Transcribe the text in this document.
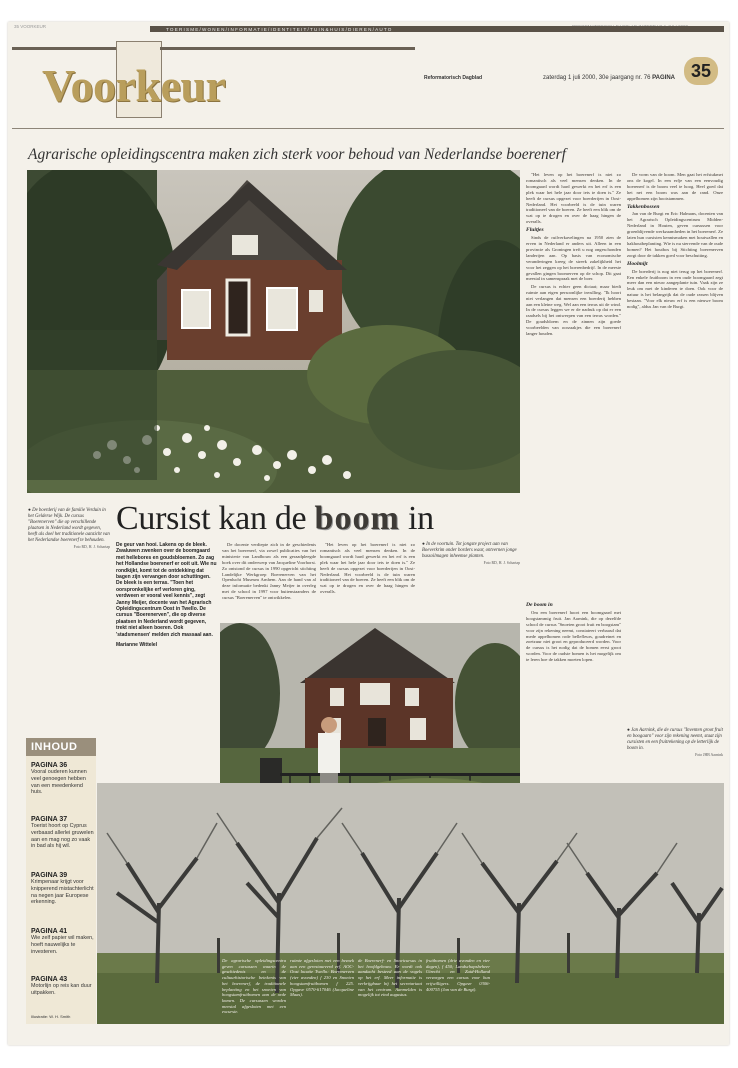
35 VOORKEUR	TOERISME/WONEN/INFORMATIE/IDENTITEIT/TUIN&HUIS/DIEREN/AUTO
Voorkeur	Reformatorisch Dagblad	zaterdag 1 juli 2000, 30e jaargang nr. 76 PAGINA 35
Agrarische opleidingscentra maken zich sterk voor behoud van Nederlandse boerenerf
● De boerderij van de familie Verduin in het Gelderse Wijk. De cursus "Boerenerven" die op verschillende plaatsen in Nederland wordt gegeven, heeft als doel het traditionele aanzicht van het Nederlandse boerenerf te behouden.
Foto RD, H. J. Schartap

"Het leven op het boerenerf is niet zo romantisch als veel mensen denken. In de boomgaard wordt hard gewerkt en het erf is een plek waar het hele jaar door iets te doen is." Ze heeft de cursus opgezet voor boerderijen in Oost-Nederland. Het voorbeeld is de tuin waren traditioneel van de boeren. Ze heeft een blik om de wat op te drogen en over de haag hingen de overalls.

Fluitjes

Sinds de ruilverkavelingen na 1950 zien de erven in Nederland er anders uit. Alleen in een provincie als Groningen treft u nog ongeschonden landerijen aan. Op basis van economische veranderingen kreeg de streek zakelijkheid het voor het zeggen op het boerenbedrijf. In de meeste gevallen gingen boomerven op de schop. Dit gaat meestal in samenspraak met de boer.

De cursus is echter geen dictaat; maar biedt ruimte aan eigen persoonlijke invulling. "Ik hoort niet verlangen dat mensen een boerderij hebben aan een kleine weg. Wel aan een terras uit de wind. In de cursus leggen we er de nadruk op dat er een raadsels bij het ontwerpen van een terras worden." De goudsbloem en de zinnen zijn goede voorbeelden van oorzaakjes die een boerenerf langer houden.

De vorm van de boom. Men gaat het erfstukmet ons de kogel. In een erfje van een eenvoudig boerenerf is de boom veel te hoog. Heel goed dat het net een boom was aan de rand. Onze appelbomen zijn hooistammen.

Takkenbossen

Jan van de Burgt en Eric Halmans, docenten van het Agrarisch Opleidingscentrum Midden-Nederland in Houten, geven cursussen voor groenblijvende werkzaamheden in het boerenerf. Ze laten hun cursisten kennismaken met houtwallen en hakhoutbeplanting. Wie is nu stervende van de oude bomen? Het houtbos bij Stichting boerenerven zorgt door de takken goed voor beschutting.

Hoolmijt

De boerderij is nog niet terug op het boerenerf. Een enkele fruitboom in een oude boomgaard zegt meer dan een nieuw aangeplante tuin. Vaak zijn ze leuk om met de kinderen te doen. Ook voor de natuur is het belangrijk dat de oude rassen blijven bestaan. "Voor elk nieuw erf is een nieuwe boom nodig", aldus Jan van de Burgt.

Cursist kan de boom in
De geur van hooi. Lakens op de bleek. Zwaluwen zwenken over de boomgaard met hellebores en goudsbloemen. Zo zag het Hollandse boerenerf er ooit uit. Wie nu rondkijkt, komt tot de ontdekking dat bagen zijn vervangen door schuttingen. De bleek is een terras. "Toen het oorspronkelijke erf verloren ging, verdween er vooral veel kennis", zegt Janny Meijer, docente van het Agrarisch Opleidingscentrum Oost in Twello. De cursus "Boerenerven", die op diverse plaatsen in Nederland wordt gegeven, trekt niet alleen boeren. Ook 'stadsmensen' melden zich massaal aan.
Marianne Wittelel

De docente verdiepte zich in de geschiedenis van het boerenerf, via zowel publicaties van het ministerie van Landbouw als een geraadpleegde boek over dit onderwerp van Jacqueline Voorhorst. Zo ontstond de cursus in 1990 opgericht stichting Landelijke Werkgroep Boerenerven van het Openlucht Museum Arnhem. Aan de hand van al deze informatie bedenkt Janny Meijer in overleg met de school in 1997 voor buitenstaanders de cursus "Boerenerven" te ontwikkelen.

"Het leven op het boerenerf is niet zo romantisch als veel mensen denken. In de boomgaard wordt hard gewerkt en het erf is een plek waar het hele jaar door iets te doen is." Ze heeft de cursus opgezet voor boerderijen in Oost-Nederland. Het voorbeeld is de tuin waren traditioneel van de boeren. Ze heeft een blik om de wat op te drogen en over de haag hingen de overalls.

● In de voortuin. Tot jongste project aan van Boeverkrim onder borders waar, ontvernen jonge bussoilmagen inheemse planten.
Foto RD, H. J. Schartap
De boom in

Om een boerenerf hoort een boomgaard met hoogstammig fruit. Jan Aarnink, die op dezelfde school de cursus "Snoeien groot fruit en boogstam" voor zijn rekening neemt, constateert verbaasd dat mede appelbomen rode bellefleurs, goudreinet en zoetzuur niet groot en geproduceerd worden. Voor de cursus is het nodig dat de bomen eerst groot worden. Voor de oudste bomen is het mogelijk om te leren hoe de takken moeten lopen.

● Jan Aarnink, die de cursus "Inventen groot fruit en boogaarn" voor zijn rekening neemt, staat zijn cursisten en een fruitrekening op de letterlijk de boom in.
Foto JHB Aarnink
De agrarische opleidingscentra geven cursussen waarin de geschiedenis en de cultuurhistorische betekenis van het boerenerf, de traditionele beplanting en het snoeien van hoogstamfruitbomen aan de orde komen. De cursussen worden meestal afgesloten met een excursie.
ruimte afgesloten met een bezoek aan een gerestaureerd erf. AOC-Oost locatie Twello: Boerenerven (vier avonden) f 230 en Snoeien hoogstamfruitbomen f 225. Opgave 0570-617046 (Jacqueline Maas).
de Boerenerf- en Snoeicursus in het hoofdgebouw. Er wordt ook aandacht besteed aan de vogels op het erf. Meer informatie is verkrijgbaar bij het secretariaat van het centrum. Aanmelden is mogelijk tot eind augustus.
fruitbomen (drie avonden en vier dagen), f 450; Landschapsbeheer Utrecht en Zuid-Holland verzorgen een cursus voor hun vrijwilligers. Opgave 0306-400755 (Jan van de Burgt).
INHOUD
PAGINA 36
Vooral ouderen kunnen veel genoegen hebben van een meedenkend huis.
PAGINA 37
Toerist hoort op Cyprus verbaasd allerlei gruwelen aan en mag nog zo vaak in bad als hij wil.
PAGINA 39
Krimpenaar krijgt voor knipperend mistachterlicht na negen jaar Europese erkenning.
PAGINA 41
Wie zelf papier wil maken, hoeft nauwelijks te investeren.
PAGINA 43
Motorlijn op reis kan duur uitpakken.
Illustratie: W. H. Smith
